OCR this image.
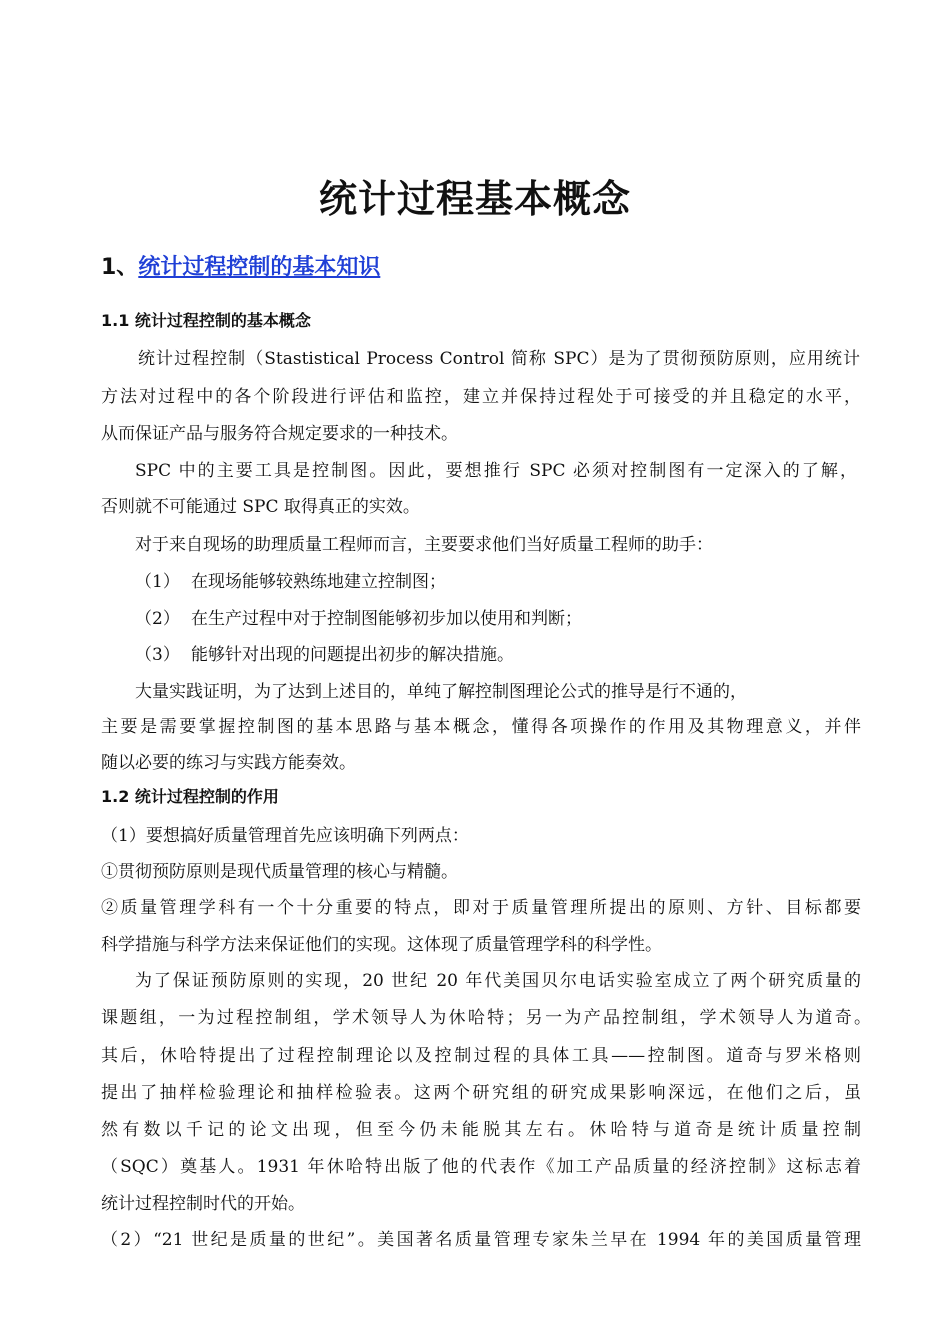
统计过程基本概念
1、统计过程控制的基本知识
1.1 统计过程控制的基本概念
统计过程控制（Stastistical Process Control 简称 SPC）是为了贯彻预防原则，应用统计
方法对过程中的各个阶段进行评估和监控，建立并保持过程处于可接受的并且稳定的水平，
从而保证产品与服务符合规定要求的一种技术。
SPC 中的主要工具是控制图。因此，要想推行 SPC 必须对控制图有一定深入的了解，
否则就不可能通过 SPC 取得真正的实效。
对于来自现场的助理质量工程师而言，主要要求他们当好质量工程师的助手：
（1） 在现场能够较熟练地建立控制图；
（2） 在生产过程中对于控制图能够初步加以使用和判断；
（3） 能够针对出现的问题提出初步的解决措施。
大量实践证明，为了达到上述目的，单纯了解控制图理论公式的推导是行不通的，
主要是需要掌握控制图的基本思路与基本概念，懂得各项操作的作用及其物理意义，并伴
随以必要的练习与实践方能奏效。
1.2 统计过程控制的作用
（1）要想搞好质量管理首先应该明确下列两点：
①贯彻预防原则是现代质量管理的核心与精髓。
②质量管理学科有一个十分重要的特点，即对于质量管理所提出的原则、方针、目标都要
科学措施与科学方法来保证他们的实现。这体现了质量管理学科的科学性。
为了保证预防原则的实现，20 世纪 20 年代美国贝尔电话实验室成立了两个研究质量的
课题组，一为过程控制组，学术领导人为休哈特；另一为产品控制组，学术领导人为道奇。
其后，休哈特提出了过程控制理论以及控制过程的具体工具——控制图。道奇与罗米格则
提出了抽样检验理论和抽样检验表。这两个研究组的研究成果影响深远，在他们之后，虽
然有数以千记的论文出现，但至今仍未能脱其左右。休哈特与道奇是统计质量控制
（SQC）奠基人。1931 年休哈特出版了他的代表作《加工产品质量的经济控制》这标志着
统计过程控制时代的开始。
（2）“21 世纪是质量的世纪”。美国著名质量管理专家朱兰早在 1994 年的美国质量管理
